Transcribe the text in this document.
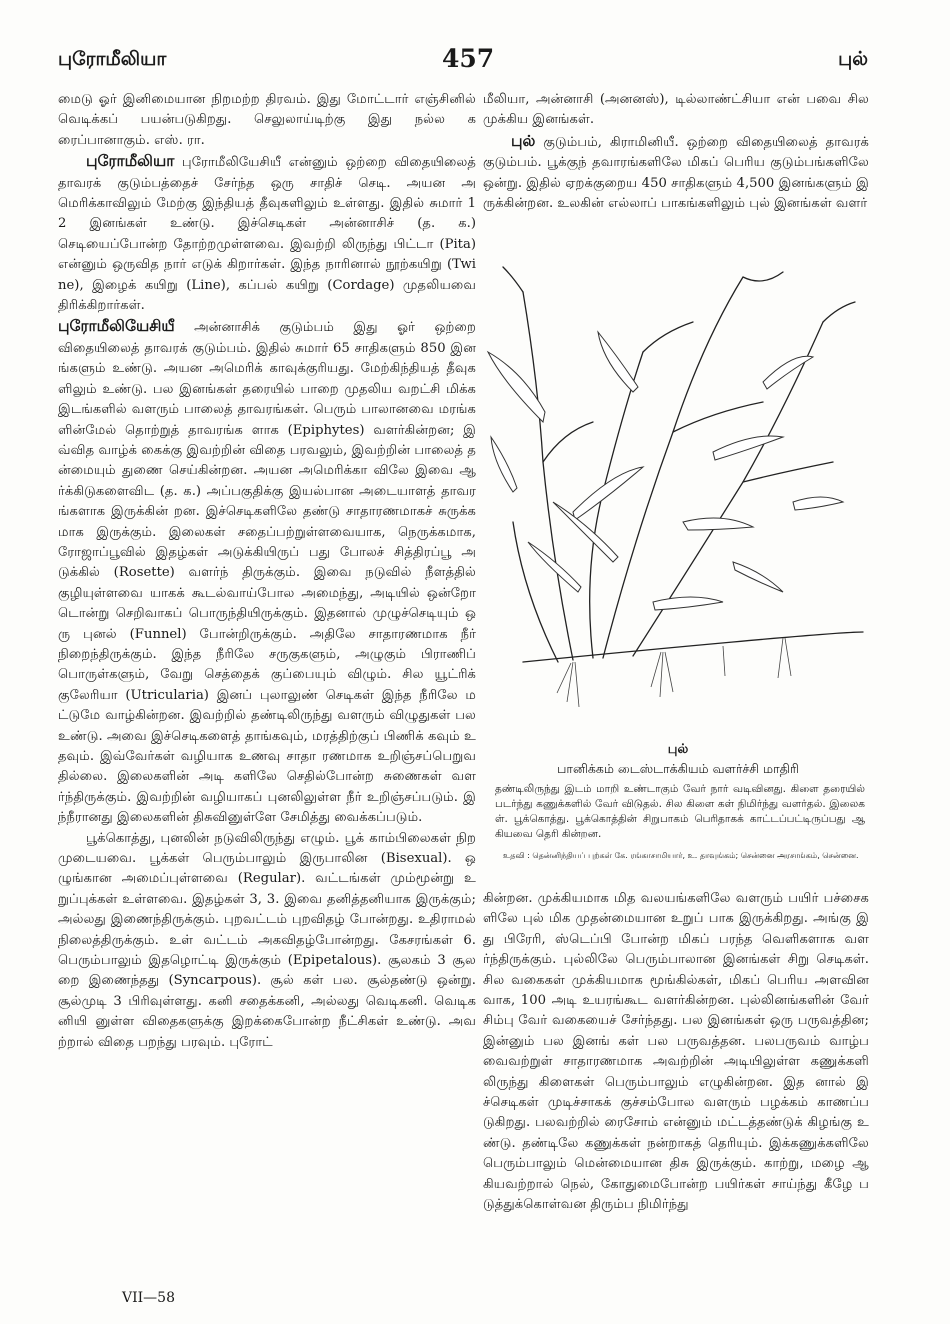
புரோமீலியா	457	புல்

மைடு ஓர் இனிமையான நிறமற்ற திரவம். இது மோட்டார் எஞ்சினில் வெடிக்கப் பயன்படுகிறது. செலுலாய்டிற்கு இது நல்ல கரைப்பானாகும். எஸ். ரா.

புரோமீலியா புரோமீலியேசியீ என்னும் ஒற்றை விதையிலைத் தாவரக் குடும்பத்தைச் சேர்ந்த ஒரு சாதிச் செடி. அயன அமெரிக்காவிலும் மேற்கு இந்தியத் தீவுகளிலும் உள்ளது. இதில் சுமார் 12 இனங்கள் உண்டு. இச்செடிகள் அன்னாசிச் (த. க.) செடியைப்போன்ற தோற்றமுள்ளவை. இவற்றி லிருந்து பிட்டா (Pita) என்னும் ஒருவித நார் எடுக் கிறார்கள். இந்த நாரினால் நூற்கயிறு (Twine), இழைக் கயிறு (Line), கப்பல் கயிறு (Cordage) முதலியவை திரிக்கிறார்கள்.

புரோமீலியேசியீ அன்னாசிக் குடும்பம் இது ஓர் ஒற்றை விதையிலைத் தாவரக் குடும்பம். இதில் சுமார் 65 சாதிகளும் 850 இனங்களும் உண்டு. அயன அமெரிக் காவுக்குரியது. மேற்கிந்தியத் தீவுகளிலும் உண்டு. பல இனங்கள் தரையில் பாறை முதலிய வறட்சி மிக்க இடங்களில் வளரும் பாலைத் தாவரங்கள். பெரும் பாலானவை மரங்களின்மேல் தொற்றுத் தாவரங்க ளாக (Epiphytes) வளர்கின்றன; இவ்வித வாழ்க் கைக்கு இவற்றின் விதை பரவலும், இவற்றின் பாலைத் தன்மையும் துணை செய்கின்றன. அயன அமெரிக்கா விலே இவை ஆர்க்கிடுகளைவிட (த. க.) அப்பகுதிக்கு இயல்பான அடையாளத் தாவரங்களாக இருக்கின் றன. இச்செடிகளிலே தண்டு சாதாரணமாகச் சுருக்க மாக இருக்கும். இலைகள் சதைப்பற்றுள்ளவையாக, நெருக்கமாக, ரோஜாப்பூவில் இதழ்கள் அடுக்கியிருப் பது போலச் சித்திரப்பூ அடுக்கில் (Rosette) வளர்ந் திருக்கும். இவை நடுவில் நீளத்தில் குழியுள்ளவை யாகக் கூடல்வாய்போல அமைந்து, அடியில் ஒன்றோ டொன்று செறிவாகப் பொருந்தியிருக்கும். இதனால் முழுச்செடியும் ஒரு புனல் (Funnel) போன்றிருக்கும். அதிலே சாதாரணமாக நீர் நிறைந்திருக்கும். இந்த நீரிலே சருகுகளும், அழுகும் பிராணிப் பொருள்களும், வேறு செத்தைக் குப்பையும் விழும். சில யூட்ரிக் குலேரியா (Utricularia) இனப் புலாலுண் செடிகள் இந்த நீரிலே மட்டுமே வாழ்கின்றன. இவற்றில் தண்டிலிருந்து வளரும் விழுதுகள் பல உண்டு. அவை இச்செடிகளைத் தாங்கவும், மரத்திற்குப் பிணிக் கவும் உதவும். இவ்வேர்கள் வழியாக உணவு சாதா ரணமாக உறிஞ்சப்பெறுவதில்லை. இலைகளின் அடி களிலே செதில்போன்ற சுணைகள் வளர்ந்திருக்கும். இவற்றின் வழியாகப் புனலிலுள்ள நீர் உறிஞ்சப்படும். இந்நீரானது இலைகளின் திசுவினுள்ளே சேமித்து வைக்கப்படும்.

பூக்கொத்து, புனலின் நடுவிலிருந்து எழும். பூக் காம்பிலைகள் நிறமுடையவை. பூக்கள் பெரும்பாலும் இருபாலின (Bisexual). ஒழுங்கான அமைப்புள்ளவை (Regular). வட்டங்கள் மும்மூன்று உறுப்புக்கள் உள்ளவை. இதழ்கள் 3, 3. இவை தனித்தனியாக இருக்கும்; அல்லது இணைந்திருக்கும். புறவட்டம் புறவிதழ் போன்றது. உதிராமல் நிலைத்திருக்கும். உள் வட்டம் அகவிதழ்போன்றது. கேசரங்கள் 6. பெரும்பாலும் இதழொட்டி இருக்கும் (Epipetalous). சூலகம் 3 சூலறை இணைந்தது (Syncarpous). சூல் கள் பல. சூல்தண்டு ஒன்று. சூல்முடி 3 பிரிவுள்ளது. கனி சதைக்கனி, அல்லது வெடிகனி. வெடிகனியி னுள்ள விதைகளுக்கு இறக்கைபோன்ற நீட்சிகள் உண்டு. அவற்றால் விதை பறந்து பரவும். புரோட்

மீலியா, அன்னாசி (அனனஸ்), டில்லாண்ட்சியா என் பவை சில முக்கிய இனங்கள்.

புல் குடும்பம், கிராமினியீ. ஒற்றை விதையிலைத் தாவரக் குடும்பம். பூக்குந் தவாரங்களிலே மிகப் பெரிய குடும்பங்களிலே ஒன்று. இதில் ஏறக்குறைய 450 சாதிகளும் 4,500 இனங்களும் இருக்கின்றன. உலகின் எல்லாப் பாகங்களிலும் புல் இனங்கள் வளர்

புல்
பானிக்கம் டைஸ்டாக்கியம் வளர்ச்சி மாதிரி
தண்டிலிருந்து இடம் மாறி உண்டாகும் வேர் நார் வடிவினது. கிளை தரையில் படர்ந்து கணுக்களில் வேர் விடுதல். சில கிளை கள் நிமிர்ந்து வளர்தல். இலைகள். பூக்கொத்து. பூக்கொத்தின் சிறுபாகம் பெரிதாகக் காட்டப்பட்டிருப்பது ஆகியவை தெரி கின்றன.
உதவி : தென்னிந்தியப் புற்கள் கே. ரங்காசாமியார், உ. தாவுங்கம்; சென்னை அரசாங்கம், சென்னை.

கின்றன. முக்கியமாக மித வலயங்களிலே வளரும் பயிர் பச்சைகளிலே புல் மிக முதன்மையான உறுப் பாக இருக்கிறது. அங்கு இது பிரேரி, ஸ்டெப்பி போன்ற மிகப் பரந்த வெளிகளாக வளர்ந்திருக்கும். புல்லிலே பெரும்பாலான இனங்கள் சிறு செடிகள். சில வகைகள் முக்கியமாக மூங்கில்கள், மிகப் பெரிய அளவினவாக, 100 அடி உயரங்கூட வளர்கின்றன. புல்லினங்களின் வேர் சிம்பு வேர் வகையைச் சேர்ந்தது. பல இனங்கள் ஒரு பருவத்தின; இன்னும் பல இனங் கள் பல பருவத்தன. பலபருவம் வாழ்பவைவற்றுள் சாதாரணமாக அவற்றின் அடியிலுள்ள கணுக்களி லிருந்து கிளைகள் பெரும்பாலும் எழுகின்றன. இத னால் இச்செடிகள் முடிச்சாகக் குச்சம்போல வளரும் பழக்கம் காணப்படுகிறது. பலவற்றில் ரைசோம் என்னும் மட்டத்தண்டுக் கிழங்கு உண்டு. தண்டிலே கணுக்கள் நன்றாகத் தெரியும். இக்கணுக்களிலே பெரும்பாலும் மென்மையான திசு இருக்கும். காற்று, மழை ஆகியவற்றால் நெல், கோதுமைபோன்ற பயிர்கள் சாய்ந்து கீழே படுத்துக்கொள்வன திரும்ப நிமிர்ந்து

VII—58
